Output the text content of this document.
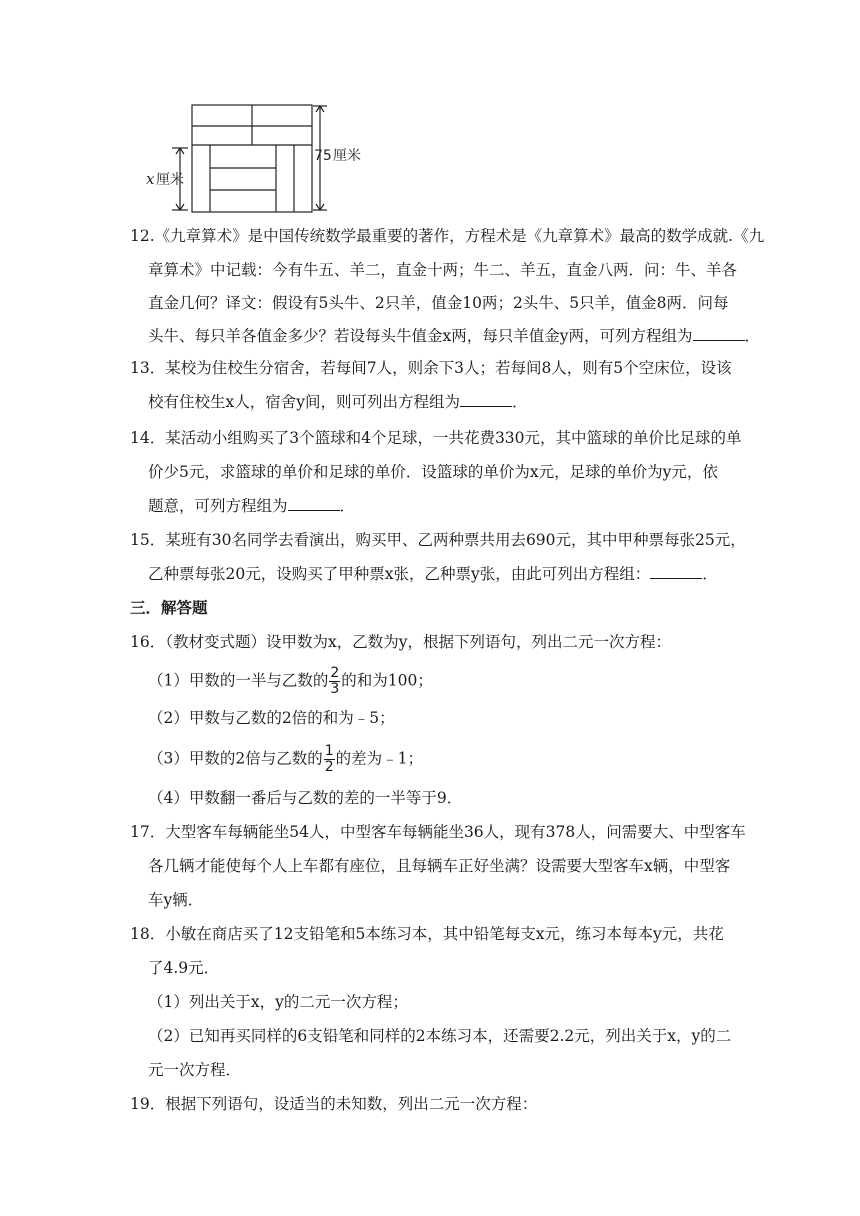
x 厘米
75 厘米
12.《九章算术》是中国传统数学最重要的著作，方程术是《九章算术》最高的数学成就.《九
章算术》中记载：今有牛五、羊二，直金十两；牛二、羊五，直金八两．问：牛、羊各
直金几何？译文：假设有5头牛、2只羊，值金10两；2头牛、5只羊，值金8两．问每
头牛、每只羊各值金多少？若设每头牛值金x两，每只羊值金y两，可列方程组为	．
13．某校为住校生分宿舍，若每间7人，则余下3人；若每间8人，则有5个空床位，设该
校有住校生x人，宿舍y间，则可列出方程组为	．
14．某活动小组购买了3个篮球和4个足球，一共花费330元，其中篮球的单价比足球的单
价少5元，求篮球的单价和足球的单价．设篮球的单价为x元，足球的单价为y元，依
题意，可列方程组为	．
15．某班有30名同学去看演出，购买甲、乙两种票共用去690元，其中甲种票每张25元，
乙种票每张20元，设购买了甲种票x张，乙种票y张，由此可列出方程组：	．
三．解答题
16．（教材变式题）设甲数为x，乙数为y，根据下列语句，列出二元一次方程：
（1）甲数的一半与乙数的 $\frac{2}{3}$ 的和为100；
（2）甲数与乙数的2倍的和为﹣5；
（3）甲数的2倍与乙数的 $\frac{1}{2}$ 的差为﹣1；
（4）甲数翻一番后与乙数的差的一半等于9．
17．大型客车每辆能坐54人，中型客车每辆能坐36人，现有378人，问需要大、中型客车
各几辆才能使每个人上车都有座位，且每辆车正好坐满？设需要大型客车x辆，中型客
车y辆．
18．小敏在商店买了12支铅笔和5本练习本，其中铅笔每支x元，练习本每本y元，共花
了4.9元．
（1）列出关于x，y的二元一次方程；
（2）已知再买同样的6支铅笔和同样的2本练习本，还需要2.2元，列出关于x，y的二
元一次方程．
19．根据下列语句，设适当的未知数，列出二元一次方程：
